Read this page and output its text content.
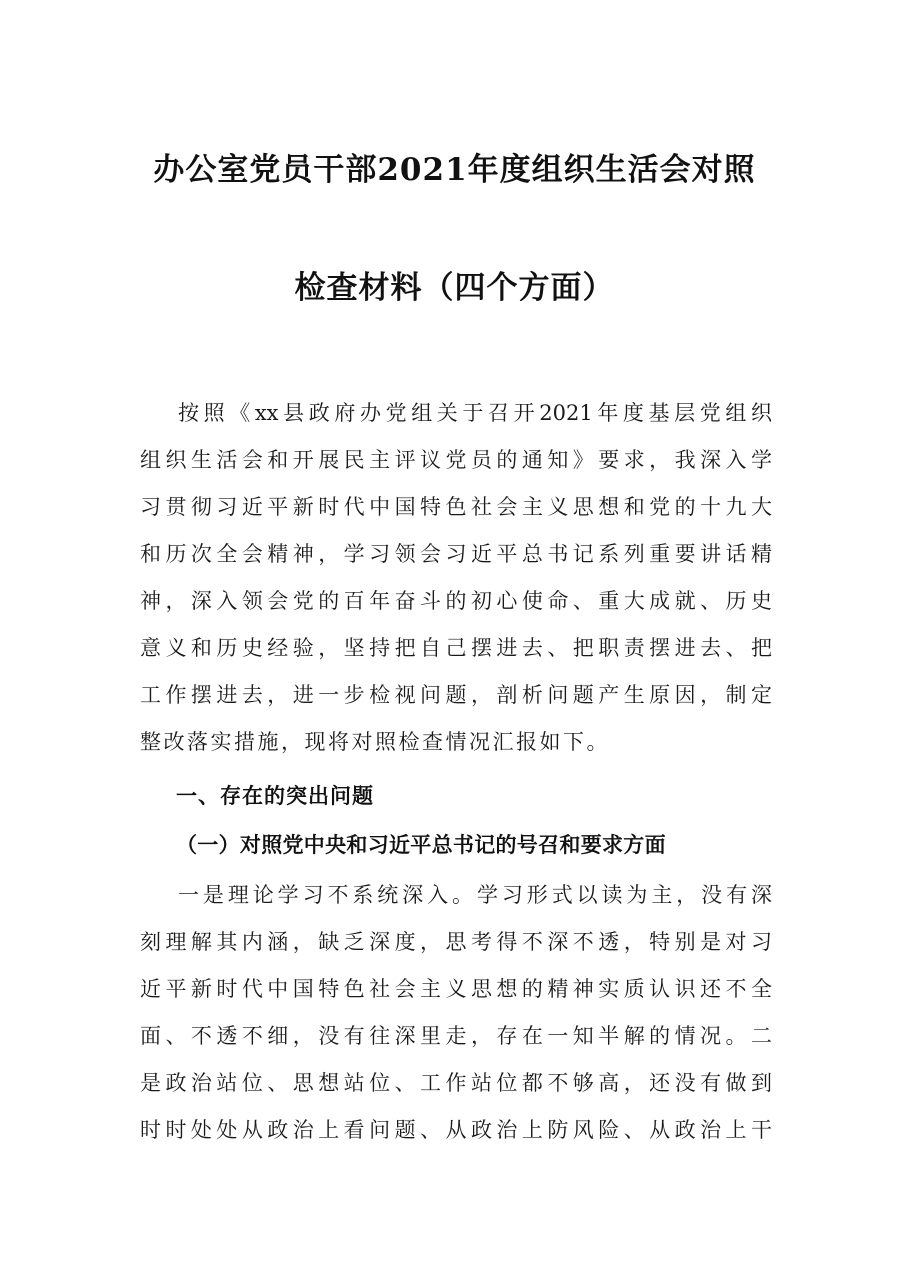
办公室党员干部2021年度组织生活会对照
检查材料（四个方面）
按照《xx县政府办党组关于召开2021年度基层党组织
组织生活会和开展民主评议党员的通知》要求，我深入学
习贯彻习近平新时代中国特色社会主义思想和党的十九大
和历次全会精神，学习领会习近平总书记系列重要讲话精
神，深入领会党的百年奋斗的初心使命、重大成就、历史
意义和历史经验，坚持把自己摆进去、把职责摆进去、把
工作摆进去，进一步检视问题，剖析问题产生原因，制定
整改落实措施，现将对照检查情况汇报如下。
一、存在的突出问题
（一）对照党中央和习近平总书记的号召和要求方面
一是理论学习不系统深入。学习形式以读为主，没有深
刻理解其内涵，缺乏深度，思考得不深不透，特别是对习
近平新时代中国特色社会主义思想的精神实质认识还不全
面、不透不细，没有往深里走，存在一知半解的情况。二
是政治站位、思想站位、工作站位都不够高，还没有做到
时时处处从政治上看问题、从政治上防风险、从政治上干
